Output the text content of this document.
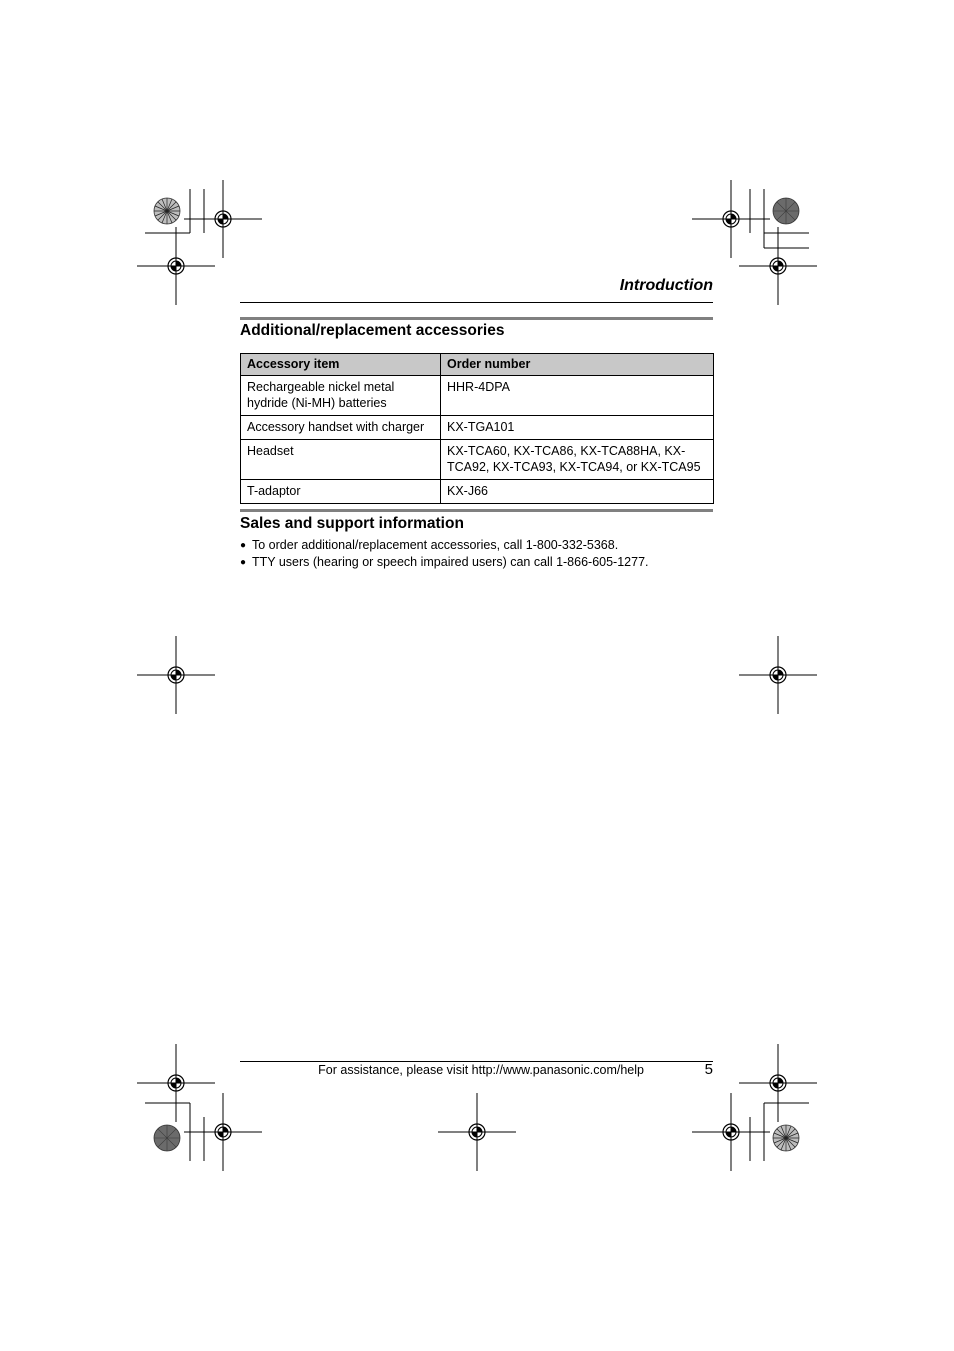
Introduction
Additional/replacement accessories
Accessory item	Order number
Rechargeable nickel metal hydride (Ni-MH) batteries	HHR-4DPA
Accessory handset with charger	KX-TGA101
Headset	KX-TCA60, KX-TCA86, KX-TCA88HA, KX-TCA92, KX-TCA93, KX-TCA94, or KX-TCA95
T-adaptor	KX-J66
Sales and support information
● To order additional/replacement accessories, call 1-800-332-5368.
● TTY users (hearing or speech impaired users) can call 1-866-605-1277.
For assistance, please visit http://www.panasonic.com/help	5
